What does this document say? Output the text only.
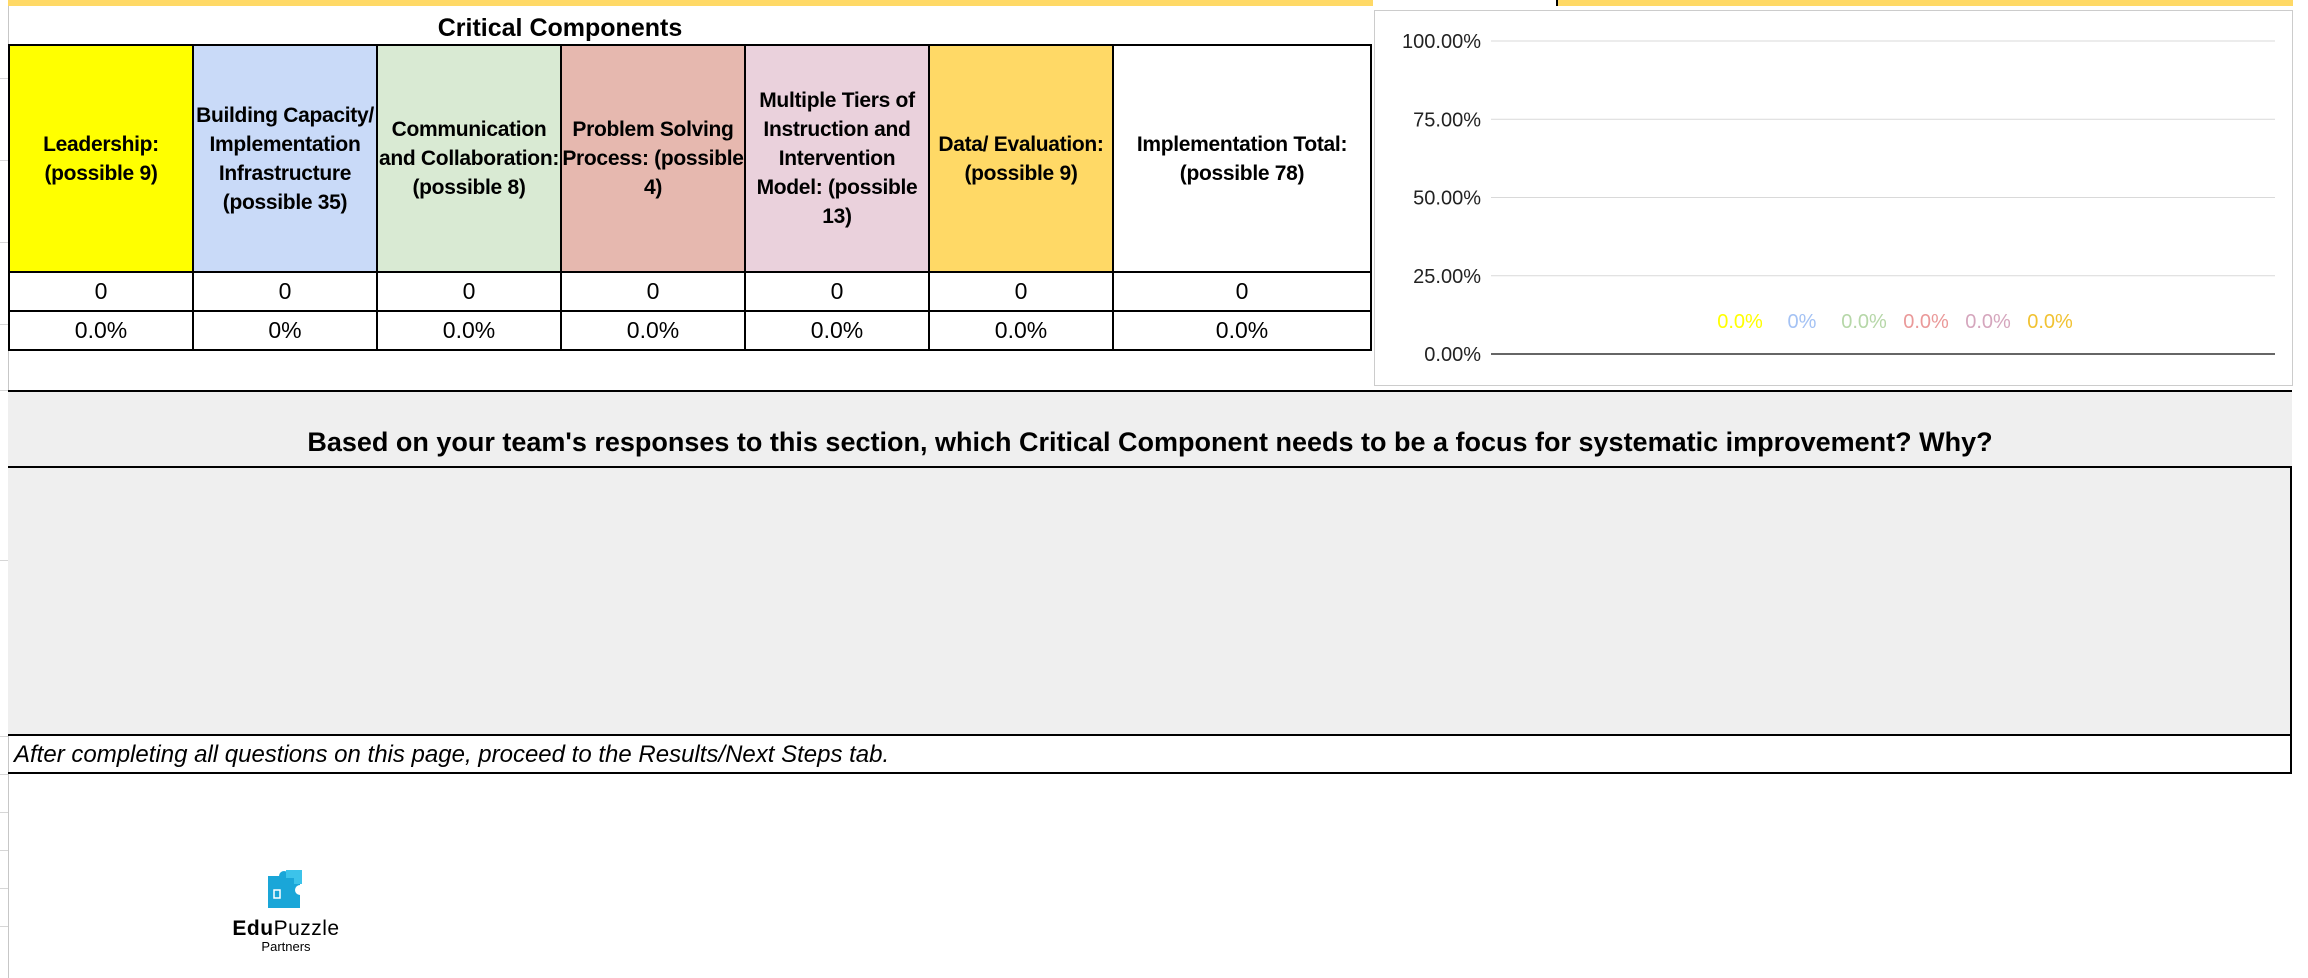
Critical Components
Leadership: (possible 9)	Building Capacity/ Implementation Infrastructure (possible 35)	Communication and Collaboration: (possible 8)	Problem Solving Process: (possible 4)	Multiple Tiers of Instruction and Intervention Model: (possible 13)	Data/ Evaluation: (possible 9)	Implementation Total: (possible 78)
0	0	0	0	0	0	0
0.0%	0%	0.0%	0.0%	0.0%	0.0%	0.0%
0.00%
25.00%
50.00%
75.00%
100.00%
0.0% 0% 0.0% 0.0% 0.0% 0.0%
Based on your team's responses to this section, which Critical Component needs to be a focus for systematic improvement? Why?
After completing all questions on this page, proceed to the Results/Next Steps tab.
EduPuzzle
Partners
